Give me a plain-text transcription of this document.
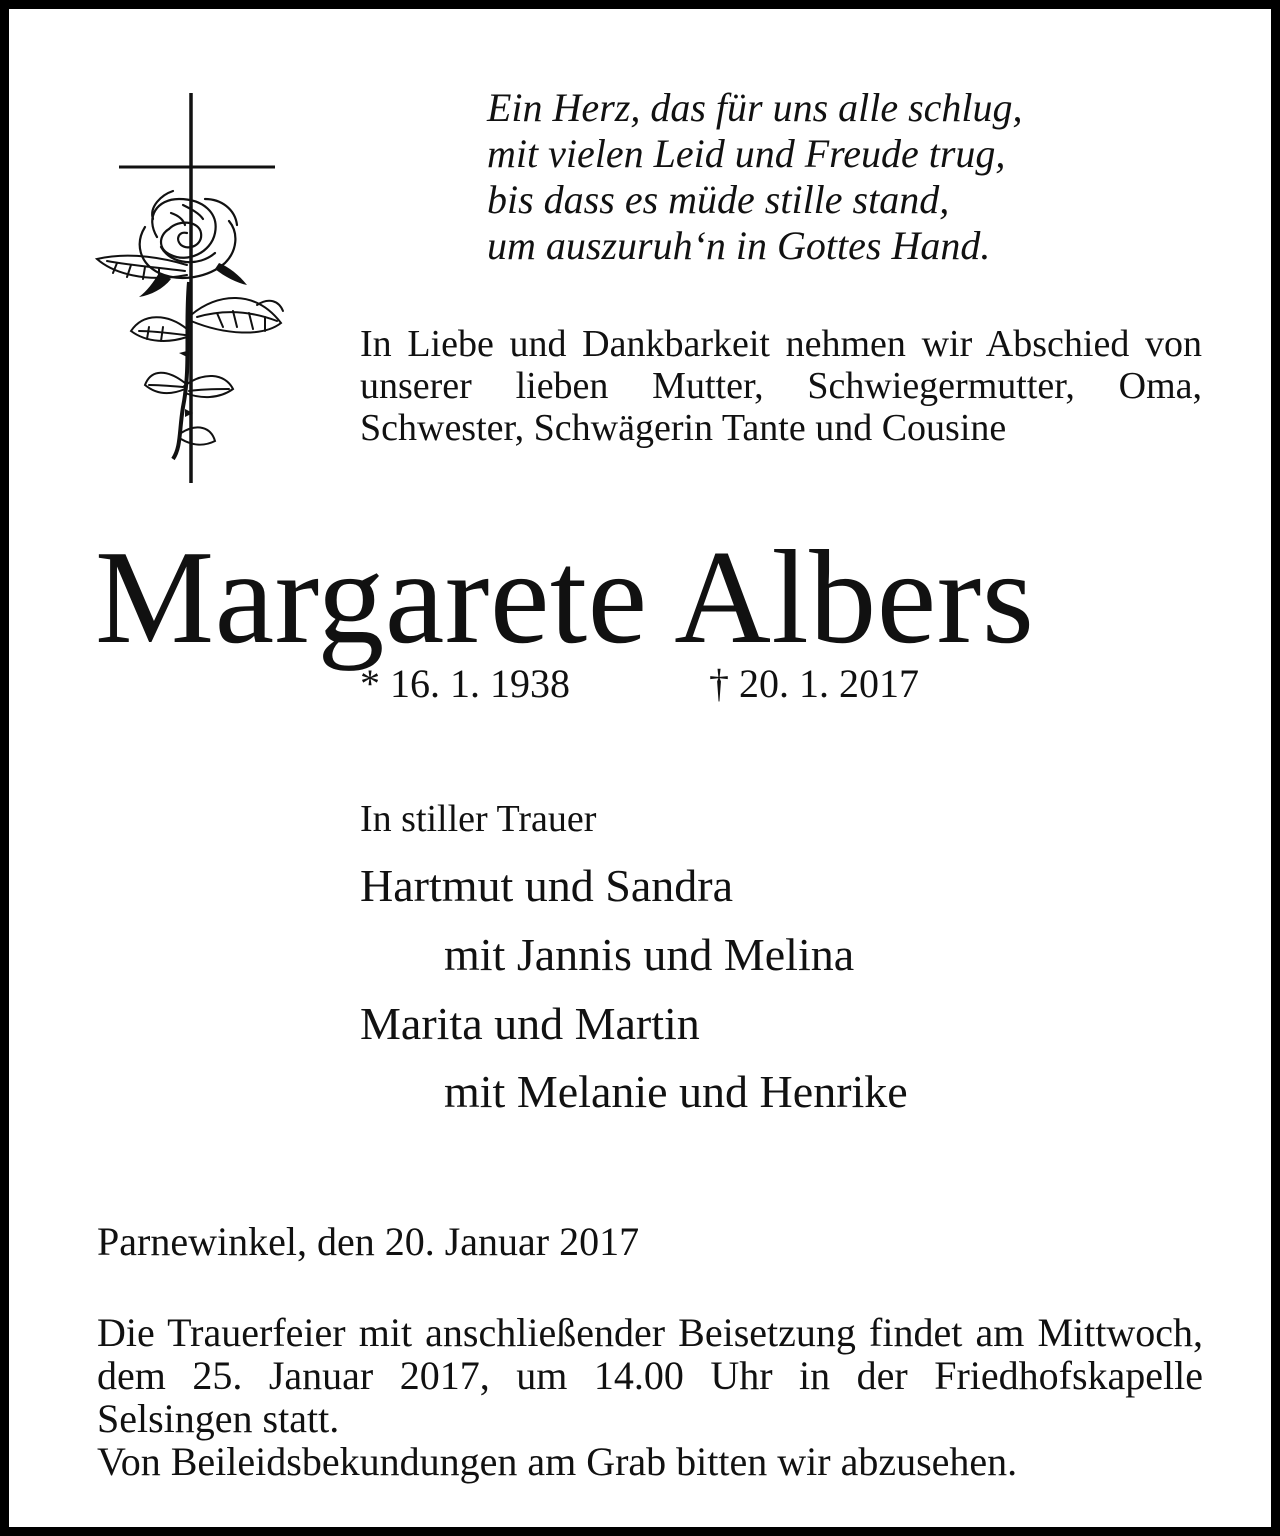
Ein Herz, das für uns alle schlug,
mit vielen Leid und Freude trug,
bis dass es müde stille stand,
um auszuruh‘n in Gottes Hand.

In Liebe und Dankbarkeit nehmen wir Abschied von unserer lieben Mutter, Schwiegermutter, Oma, Schwester, Schwägerin Tante und Cousine

Margarete Albers
* 16. 1. 1938	† 20. 1. 2017
In stiller Trauer
Hartmut und Sandra
mit Jannis und Melina
Marita und Martin
mit Melanie und Henrike
Parnewinkel, den 20. Januar 2017

Die Trauerfeier mit anschließender Beisetzung findet am Mittwoch, dem 25. Januar 2017, um 14.00 Uhr in der Friedhofskapelle Selsingen statt.

Von Beileidsbekundungen am Grab bitten wir abzusehen.
